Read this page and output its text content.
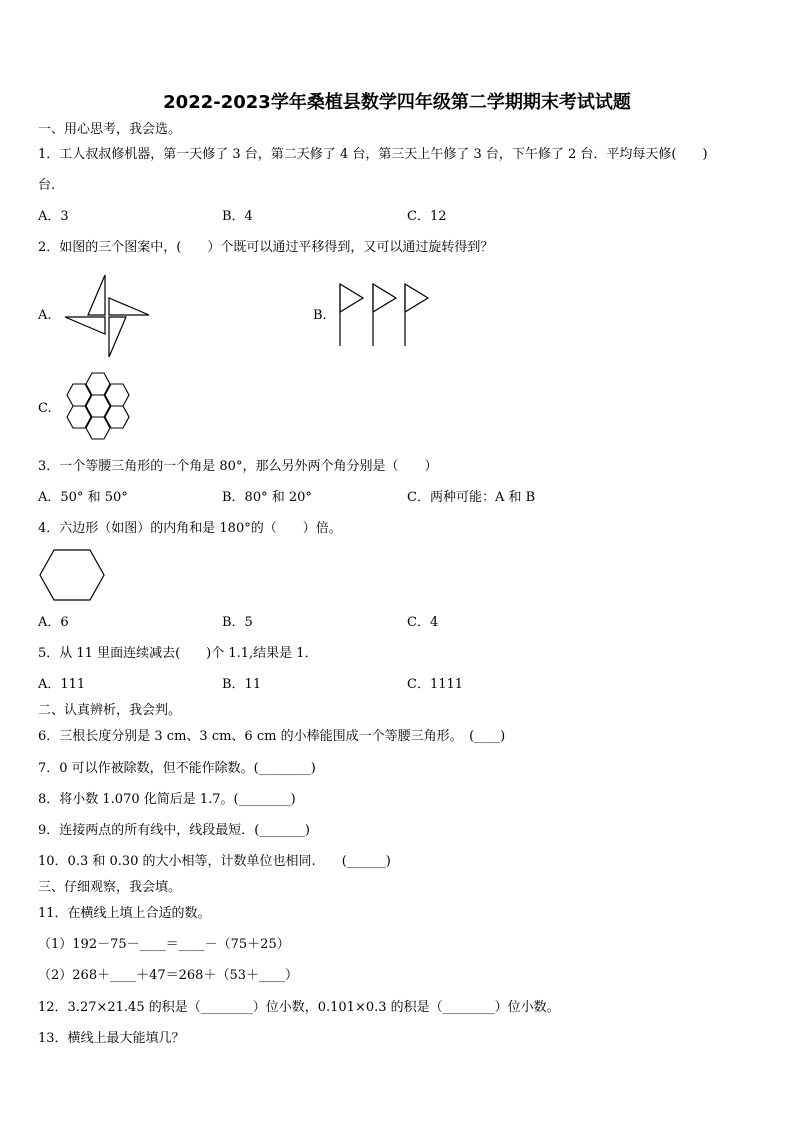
2022-2023学年桑植县数学四年级第二学期期末考试试题
一、用心思考，我会选。
1．工人叔叔修机器，第一天修了 3 台，第二天修了 4 台，第三天上午修了 3 台，下午修了 2 台．平均每天修(　　)
台.
A．3	B．4	C．12
2．如图的三个图案中，(　　）个既可以通过平移得到，又可以通过旋转得到？
A.	B.
C.
3．一个等腰三角形的一个角是 80°，那么另外两个角分别是（　　）
A．50° 和 50°	B．80° 和 20°	C．两种可能：A 和 B
4．六边形（如图）的内角和是 180°的（　　）倍。
A．6	B．5	C．4
5．从 11 里面连续减去(　　)个 1.1,结果是 1．
A．111	B．11	C．1111
二、认真辨析，我会判。
6．三根长度分别是 3 cm、3 cm、6 cm 的小棒能围成一个等腰三角形。　(____)
7．0 可以作被除数，但不能作除数。(________)
8．将小数 1.070 化简后是 1.7。(________)
9．连接两点的所有线中，线段最短．(_______)
10．0.3 和 0.30 的大小相等，计数单位也相同.　　(______)
三、仔细观察，我会填。
11．在横线上填上合适的数。
（1）192－75－____＝____－（75＋25）
（2）268＋____＋47＝268＋（53＋____）
12．3.27×21.45 的积是（________）位小数，0.101×0.3 的积是（________）位小数。
13．横线上最大能填几？
